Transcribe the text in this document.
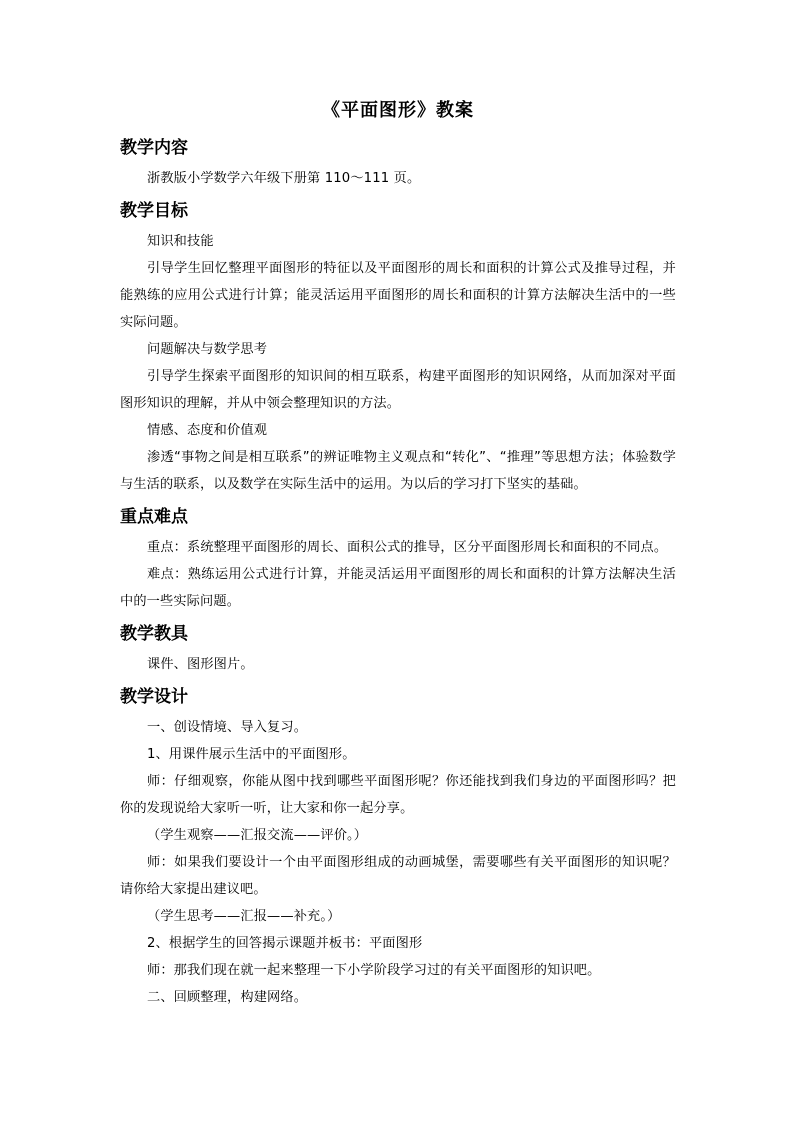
《平面图形》教案
教学内容

浙教版小学数学六年级下册第 110～111 页。

教学目标

知识和技能

引导学生回忆整理平面图形的特征以及平面图形的周长和面积的计算公式及推导过程，并能熟练的应用公式进行计算；能灵活运用平面图形的周长和面积的计算方法解决生活中的一些实际问题。

问题解决与数学思考

引导学生探索平面图形的知识间的相互联系，构建平面图形的知识网络，从而加深对平面图形知识的理解，并从中领会整理知识的方法。

情感、态度和价值观

渗透“事物之间是相互联系”的辨证唯物主义观点和“转化”、“推理”等思想方法；体验数学与生活的联系，以及数学在实际生活中的运用。为以后的学习打下坚实的基础。

重点难点

重点：系统整理平面图形的周长、面积公式的推导，区分平面图形周长和面积的不同点。

难点：熟练运用公式进行计算，并能灵活运用平面图形的周长和面积的计算方法解决生活中的一些实际问题。

教学教具

课件、图形图片。

教学设计

一、创设情境、导入复习。

1、用课件展示生活中的平面图形。

师：仔细观察，你能从图中找到哪些平面图形呢？你还能找到我们身边的平面图形吗？把你的发现说给大家听一听，让大家和你一起分享。

（学生观察——汇报交流——评价。）

师：如果我们要设计一个由平面图形组成的动画城堡，需要哪些有关平面图形的知识呢？请你给大家提出建议吧。

（学生思考——汇报——补充。）

2、根据学生的回答揭示课题并板书：平面图形

师：那我们现在就一起来整理一下小学阶段学习过的有关平面图形的知识吧。

二、回顾整理，构建网络。
